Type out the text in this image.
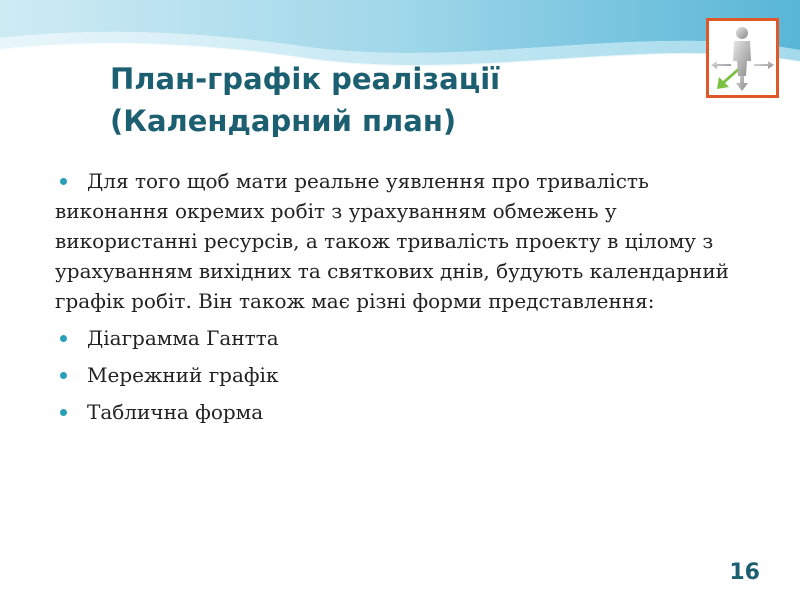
План-графік реалізації
(Календарний план)
Для того щоб мати реальне уявлення про тривалість виконання окремих робіт з урахуванням обмежень у використанні ресурсів, а також тривалість проекту в цілому з урахуванням вихідних та святкових днів, будують календарний графік робіт. Він також має різні форми представлення:
Діаграмма Гантта
Мережний графік
Таблична форма
16
